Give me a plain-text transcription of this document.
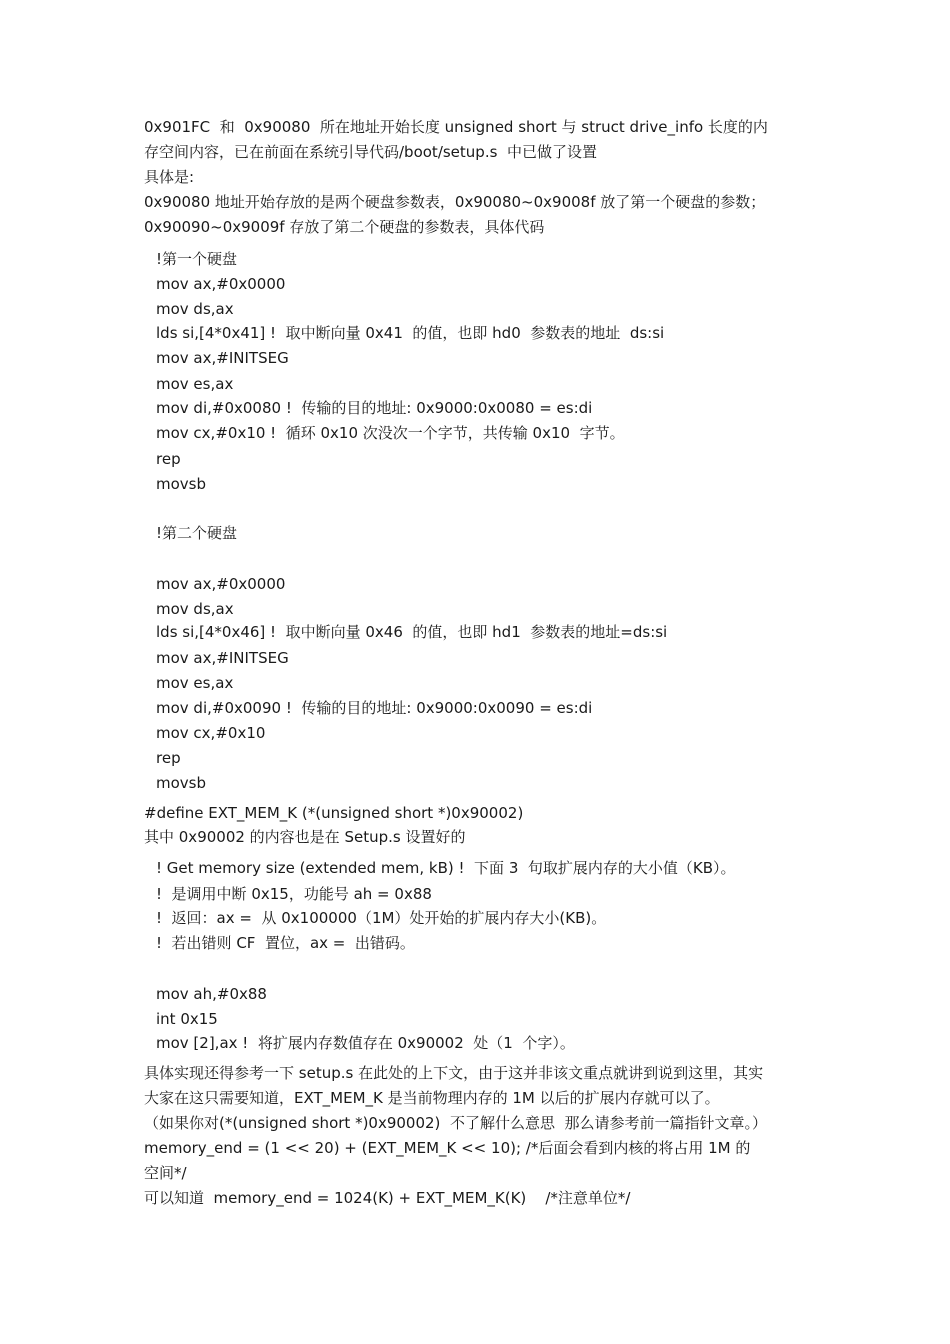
0x901FC  和  0x90080  所在地址开始长度 unsigned short 与 struct drive_info 长度的内
存空间内容，已在前面在系统引导代码/boot/setup.s  中已做了设置
具体是:
0x90080 地址开始存放的是两个硬盘参数表，0x90080~0x9008f 放了第一个硬盘的参数；
0x90090~0x9009f 存放了第二个硬盘的参数表，具体代码
!第一个硬盘
mov ax,#0x0000
mov ds,ax
lds si,[4*0x41] !  取中断向量 0x41  的值，也即 hd0  参数表的地址  ds:si
mov ax,#INITSEG
mov es,ax
mov di,#0x0080 !  传输的目的地址: 0x9000:0x0080 = es:di
mov cx,#0x10 !  循环 0x10 次没次一个字节，共传输 0x10  字节。
rep
movsb
!第二个硬盘
mov ax,#0x0000
mov ds,ax
lds si,[4*0x46] !  取中断向量 0x46  的值，也即 hd1  参数表的地址=ds:si
mov ax,#INITSEG
mov es,ax
mov di,#0x0090 !  传输的目的地址: 0x9000:0x0090 = es:di
mov cx,#0x10
rep
movsb
#define EXT_MEM_K (*(unsigned short *)0x90002)
其中 0x90002 的内容也是在 Setup.s 设置好的
! Get memory size (extended mem, kB) !  下面 3  句取扩展内存的大小值（KB）。
!  是调用中断 0x15，功能号 ah = 0x88
!  返回：ax =  从 0x100000（1M）处开始的扩展内存大小(KB)。
!  若出错则 CF  置位，ax =  出错码。
mov ah,#0x88
int 0x15
mov [2],ax !  将扩展内存数值存在 0x90002  处（1  个字）。
具体实现还得参考一下 setup.s 在此处的上下文，由于这并非该文重点就讲到说到这里，其实
大家在这只需要知道，EXT_MEM_K 是当前物理内存的 1M 以后的扩展内存就可以了。
（如果你对(*(unsigned short *)0x90002)  不了解什么意思  那么请参考前一篇指针文章。）
memory_end = (1 << 20) + (EXT_MEM_K << 10); /*后面会看到内核的将占用 1M 的
空间*/
可以知道  memory_end = 1024(K) + EXT_MEM_K(K)    /*注意单位*/
